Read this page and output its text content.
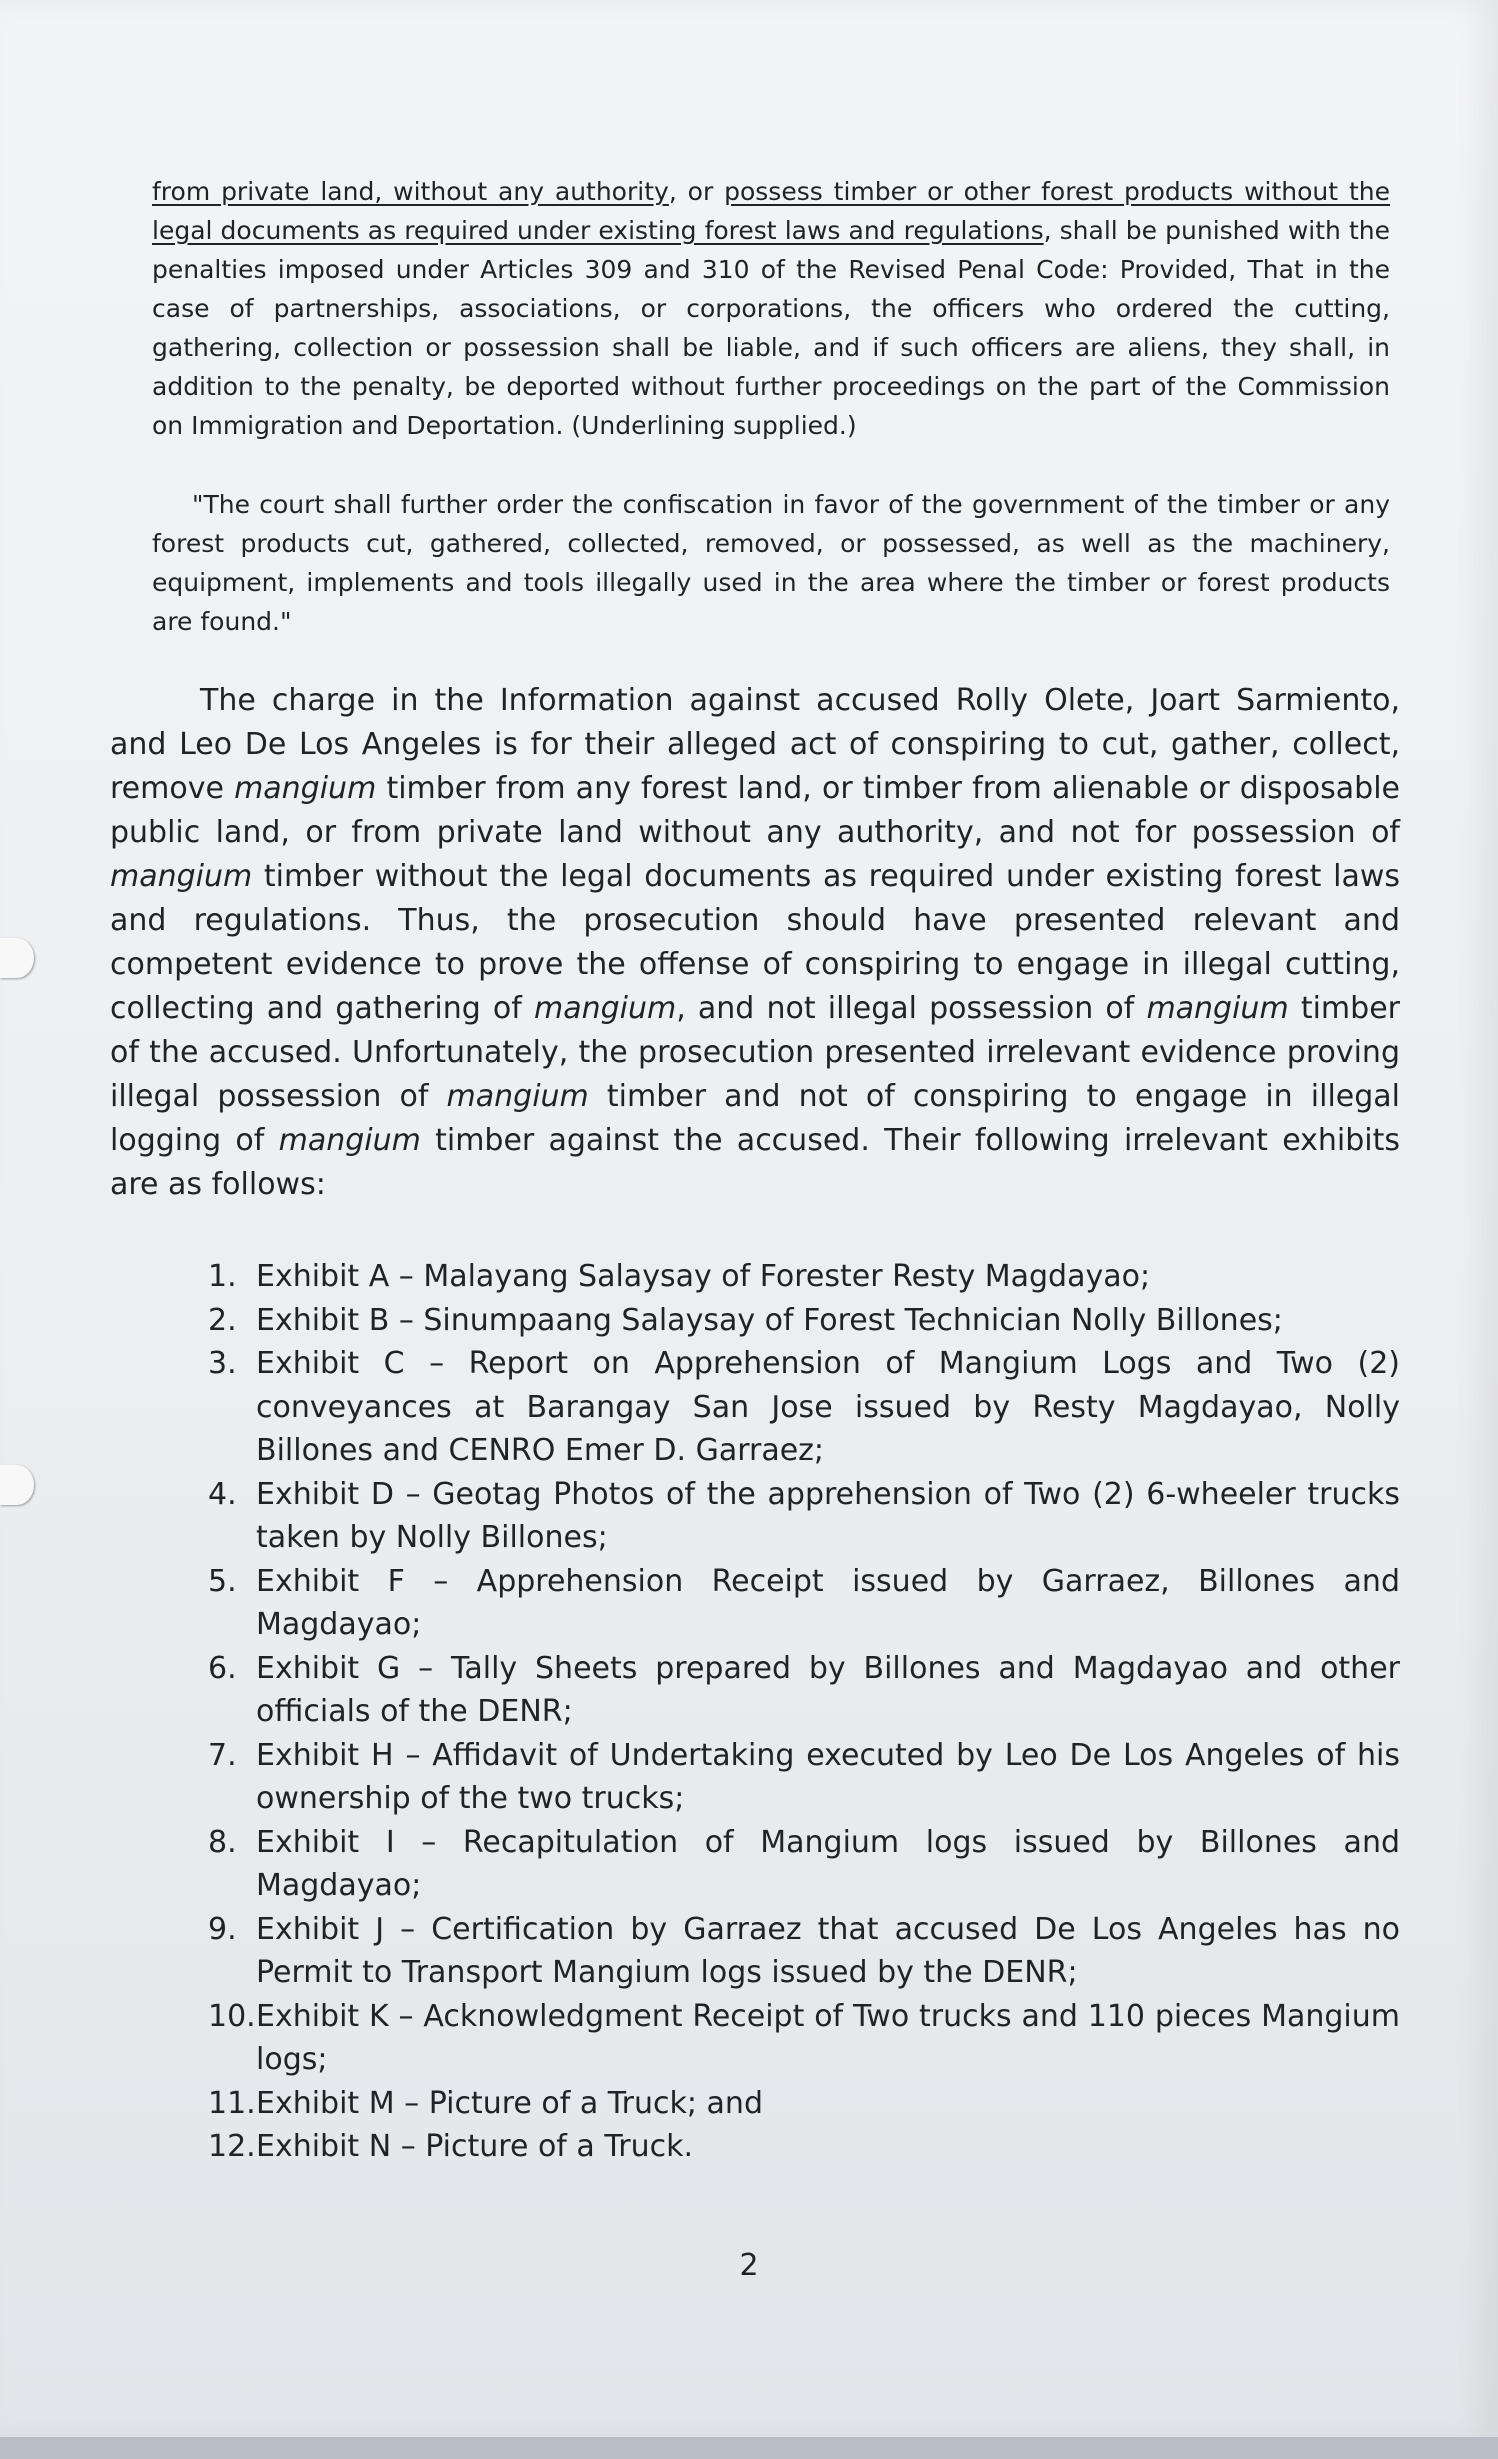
from private land, without any authority, or possess timber or other forest products without the legal documents as required under existing forest laws and regulations, shall be punished with the penalties imposed under Articles 309 and 310 of the Revised Penal Code: Provided, That in the case of partnerships, associations, or corporations, the officers who ordered the cutting, gathering, collection or possession shall be liable, and if such officers are aliens, they shall, in addition to the penalty, be deported without further proceedings on the part of the Commission on Immigration and Deportation. (Underlining supplied.)

"The court shall further order the confiscation in favor of the government of the timber or any forest products cut, gathered, collected, removed, or possessed, as well as the machinery, equipment, implements and tools illegally used in the area where the timber or forest products are found."

The charge in the Information against accused Rolly Olete, Joart Sarmiento, and Leo De Los Angeles is for their alleged act of conspiring to cut, gather, collect, remove mangium timber from any forest land, or timber from alienable or disposable public land, or from private land without any authority, and not for possession of mangium timber without the legal documents as required under existing forest laws and regulations. Thus, the prosecution should have presented relevant and competent evidence to prove the offense of conspiring to engage in illegal cutting, collecting and gathering of mangium, and not illegal possession of mangium timber of the accused. Unfortunately, the prosecution presented irrelevant evidence proving illegal possession of mangium timber and not of conspiring to engage in illegal logging of mangium timber against the accused. Their following irrelevant exhibits are as follows:

1. Exhibit A – Malayang Salaysay of Forester Resty Magdayao;
2. Exhibit B – Sinumpaang Salaysay of Forest Technician Nolly Billones;
3. Exhibit C – Report on Apprehension of Mangium Logs and Two (2) conveyances at Barangay San Jose issued by Resty Magdayao, Nolly Billones and CENRO Emer D. Garraez;
4. Exhibit D – Geotag Photos of the apprehension of Two (2) 6-wheeler trucks taken by Nolly Billones;
5. Exhibit F – Apprehension Receipt issued by Garraez, Billones and Magdayao;
6. Exhibit G – Tally Sheets prepared by Billones and Magdayao and other officials of the DENR;
7. Exhibit H – Affidavit of Undertaking executed by Leo De Los Angeles of his ownership of the two trucks;
8. Exhibit I – Recapitulation of Mangium logs issued by Billones and Magdayao;
9. Exhibit J – Certification by Garraez that accused De Los Angeles has no Permit to Transport Mangium logs issued by the DENR;
10. Exhibit K – Acknowledgment Receipt of Two trucks and 110 pieces Mangium logs;
11. Exhibit M – Picture of a Truck; and
12. Exhibit N – Picture of a Truck.
2
